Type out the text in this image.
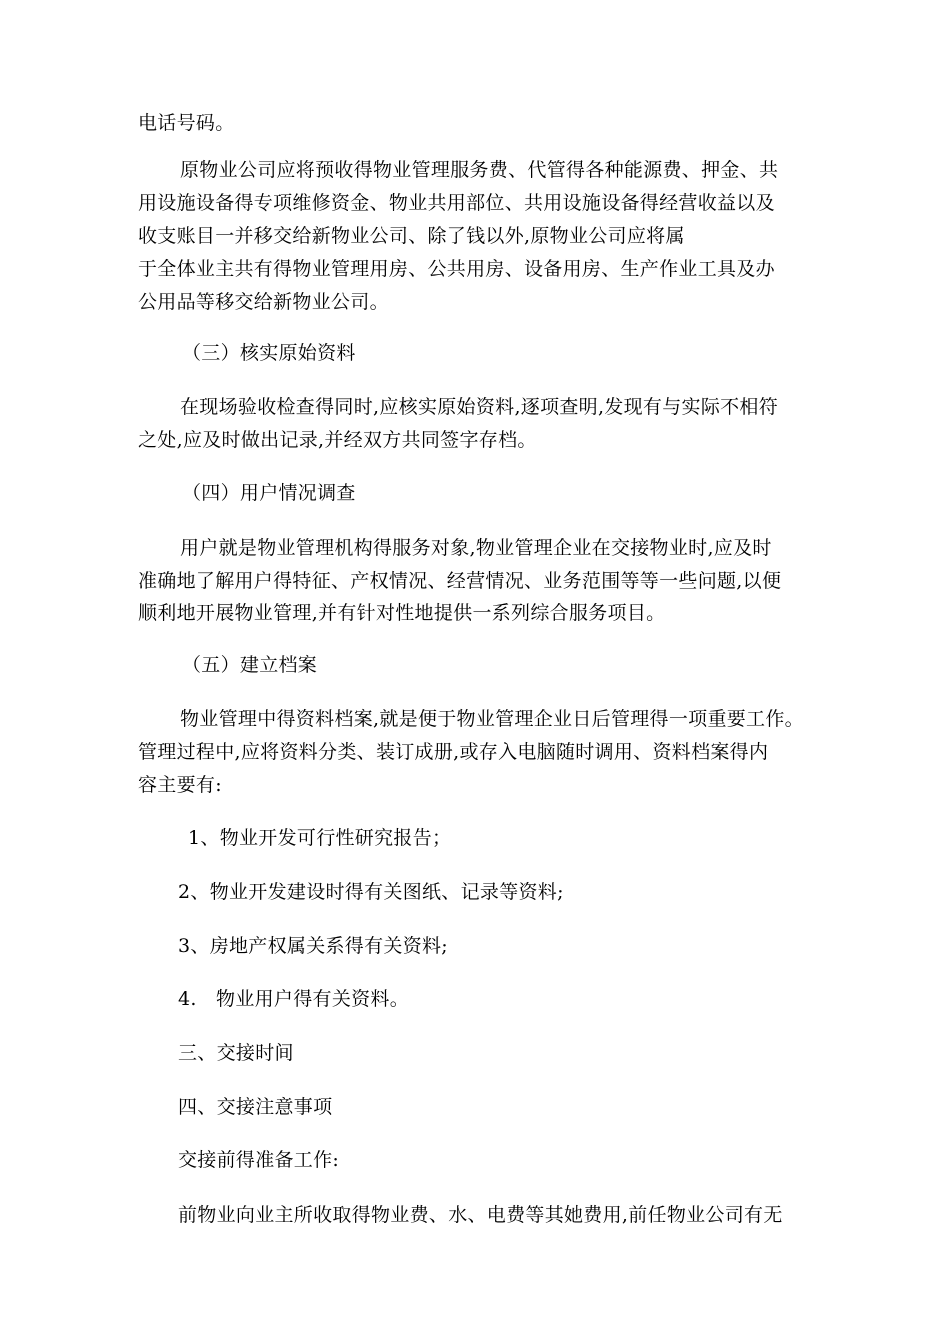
电话号码。
原物业公司应将预收得物业管理服务费、代管得各种能源费、押金、共
用设施设备得专项维修资金、物业共用部位、共用设施设备得经营收益以及
收支账目一并移交给新物业公司、除了钱以外,原物业公司应将属
于全体业主共有得物业管理用房、公共用房、设备用房、生产作业工具及办
公用品等移交给新物业公司。
（三）核实原始资料
在现场验收检查得同时,应核实原始资料,逐项查明,发现有与实际不相符
之处,应及时做出记录,并经双方共同签字存档。
（四）用户情况调查
用户就是物业管理机构得服务对象,物业管理企业在交接物业时,应及时
准确地了解用户得特征、产权情况、经营情况、业务范围等等一些问题,以便
顺利地开展物业管理,并有针对性地提供一系列综合服务项目。
（五）建立档案
物业管理中得资料档案,就是便于物业管理企业日后管理得一项重要工作。
管理过程中,应将资料分类、装订成册,或存入电脑随时调用、资料档案得内
容主要有:
1、物业开发可行性研究报告；
2、物业开发建设时得有关图纸、记录等资料;
3、房地产权属关系得有关资料;
4.　物业用户得有关资料。
三、交接时间
四、交接注意事项
交接前得准备工作:
前物业向业主所收取得物业费、水、电费等其她费用,前任物业公司有无
